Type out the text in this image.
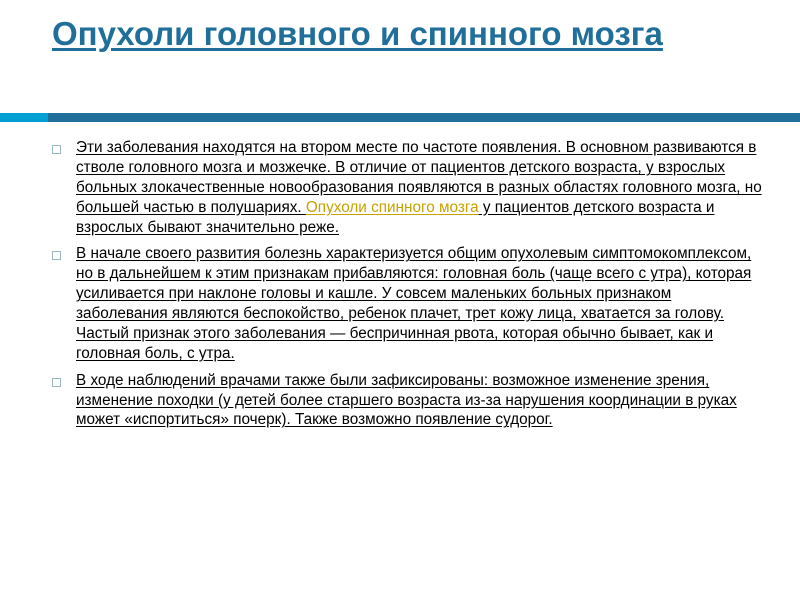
Опухоли головного и спинного мозга
Эти заболевания находятся на втором месте по частоте появления. В основном развиваются в стволе головного мозга и мозжечке. В отличие от пациентов детского возраста, у взрослых больных злокачественные новообразования появляются в разных областях головного мозга, но большей частью в полушариях. Опухоли спинного мозга у пациентов детского возраста и взрослых бывают значительно реже.
В начале своего развития болезнь характеризуется общим опухолевым симптомокомплексом, но в дальнейшем к этим признакам прибавляются: головная боль (чаще всего с утра), которая усиливается при наклоне головы и кашле. У совсем маленьких больных признаком заболевания являются беспокойство, ребенок плачет, трет кожу лица, хватается за голову. Частый признак этого заболевания — беспричинная рвота, которая обычно бывает, как и головная боль, с утра.
В ходе наблюдений врачами также были зафиксированы: возможное изменение зрения, изменение походки (у детей более старшего возраста из-за нарушения координации в руках может «испортиться» почерк). Также возможно появление судорог.
